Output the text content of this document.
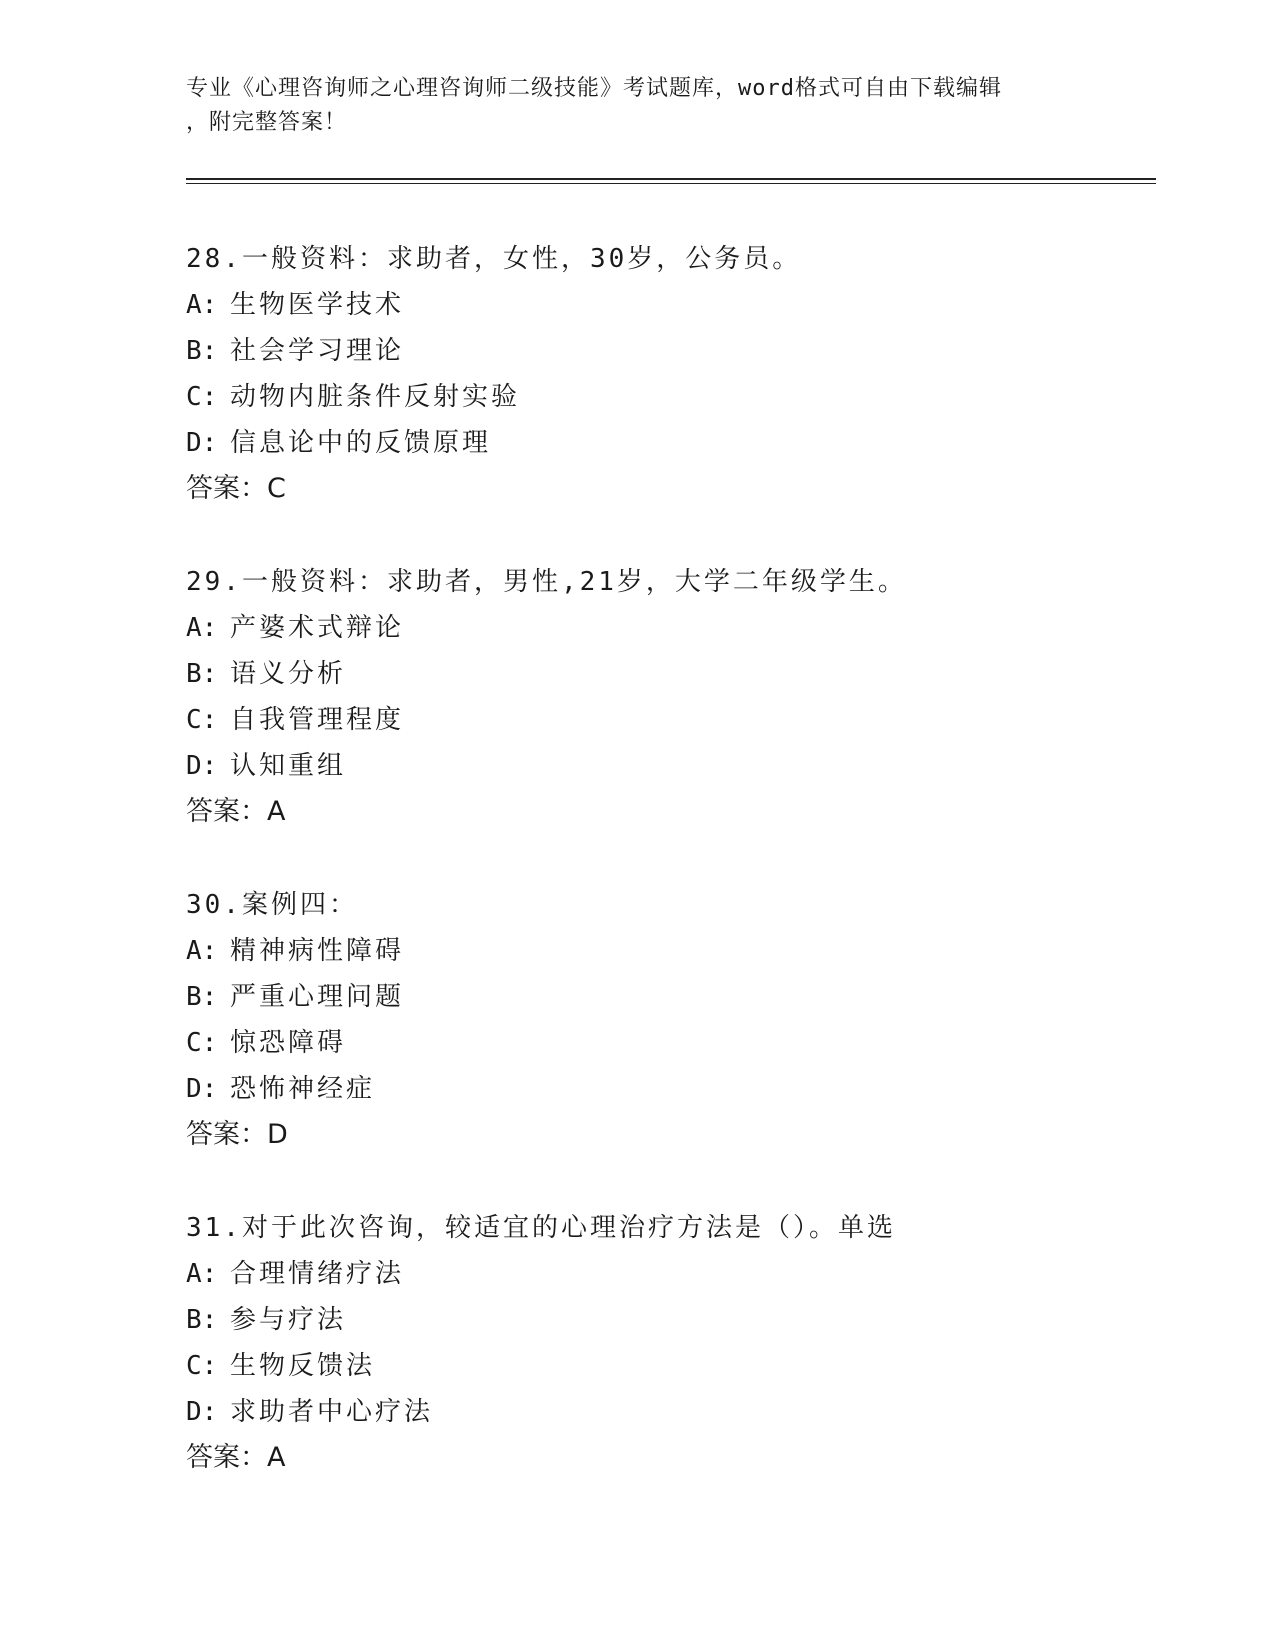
专业《心理咨询师之心理咨询师二级技能》考试题库，word格式可自由下载编辑
，附完整答案！
28.一般资料：求助者，女性，30岁，公务员。
A: 生物医学技术
B: 社会学习理论
C: 动物内脏条件反射实验
D: 信息论中的反馈原理
答案：C
29.一般资料：求助者，男性,21岁，大学二年级学生。
A: 产婆术式辩论
B: 语义分析
C: 自我管理程度
D: 认知重组
答案：A
30.案例四：
A: 精神病性障碍
B: 严重心理问题
C: 惊恐障碍
D: 恐怖神经症
答案：D
31.对于此次咨询，较适宜的心理治疗方法是（）。单选
A: 合理情绪疗法
B: 参与疗法
C: 生物反馈法
D: 求助者中心疗法
答案：A
